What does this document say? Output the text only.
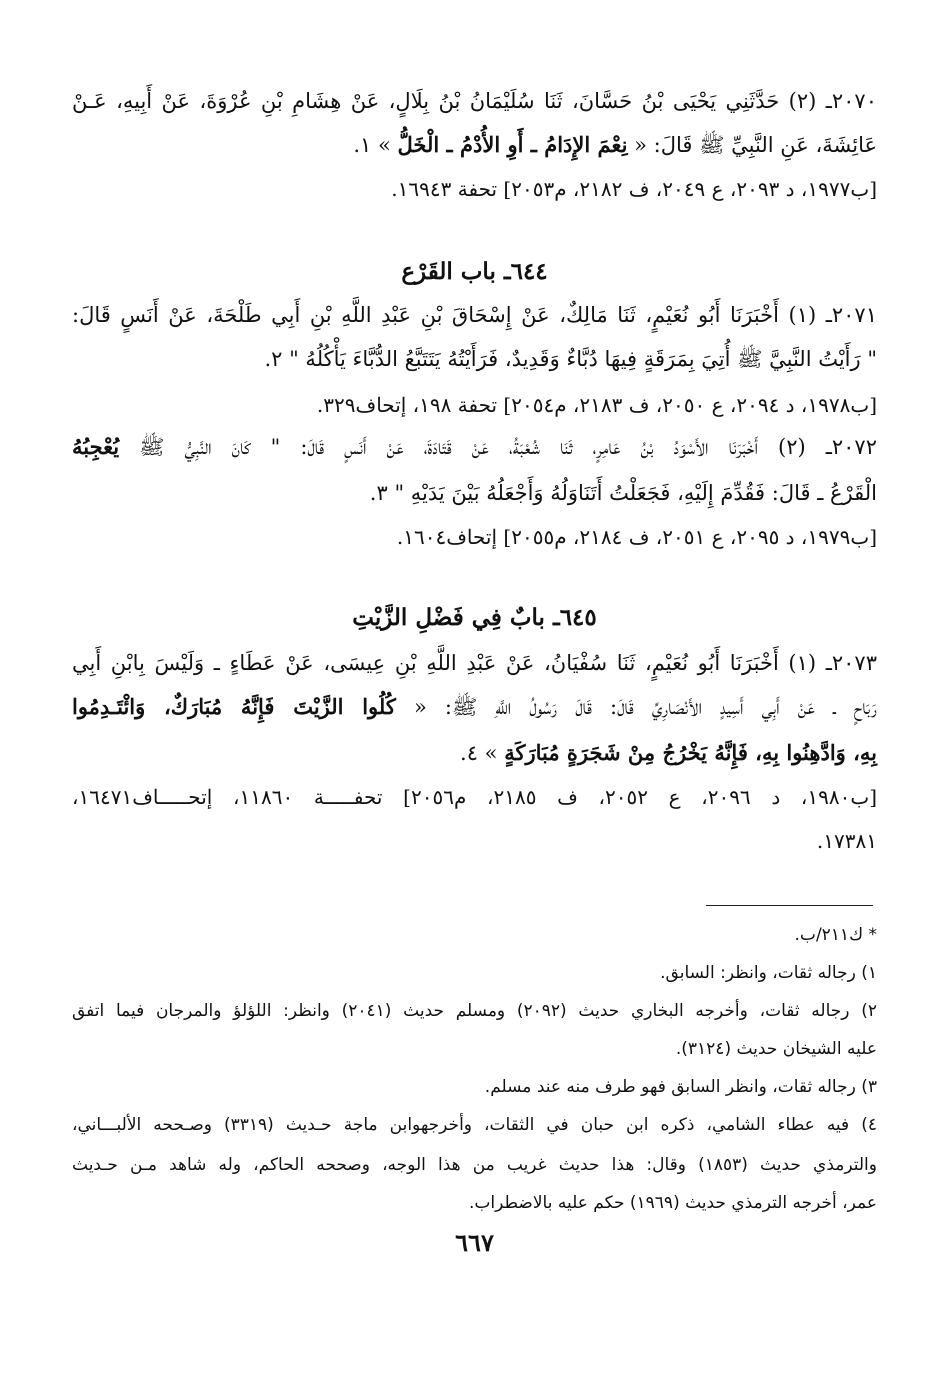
٢٠٧٠ـ (٢) حَدَّثَنِي يَحْيَى بْنُ حَسَّانَ، ثَنَا سُلَيْمَانُ بْنُ بِلَالٍ، عَنْ هِشَامِ بْنِ عُرْوَةَ، عَنْ أَبِيهِ، عَـنْ
عَائِشَةَ، عَنِ النَّبِيِّ ﷺ قَالَ: « نِعْمَ الإِدَامُ ـ أَوِ الأُدْمُ ـ الْخَلُّ » ١.
[ب١٩٧٧، د ٢٠٩٣، ع ٢٠٤٩، ف ٢١٨٢، م٢٠٥٣] تحفة ١٦٩٤٣.
٦٤٤ـ باب القَرْع
٢٠٧١ـ (١) أَخْبَرَنَا أَبُو نُعَيْمٍ، ثَنَا مَالِكٌ، عَنْ إِسْحَاقَ بْنِ عَبْدِ اللَّهِ بْنِ أَبِي طَلْحَةَ، عَنْ أَنَسٍ قَالَ:
" رَأَيْتُ النَّبِيَّ ﷺ أُتِيَ بِمَرَقَةٍ فِيهَا دُبَّاءٌ وَقَدِيدٌ، فَرَأَيْتُهُ يَتَتَبَّعُ الدُّبَّاءَ يَأْكُلُهُ " ٢.
[ب١٩٧٨، د ٢٠٩٤، ع ٢٠٥٠، ف ٢١٨٣، م٢٠٥٤] تحفة ١٩٨، إتحاف٣٢٩.
٢٠٧٢ـ (٢) أَخْبَرَنَا الأَسْوَدُ بْنُ عَامِرٍ، ثَنَا شُعْبَةُ، عَنْ قَتَادَةَ، عَنْ أَنَسٍ قَالَ: " كَانَ النَّبِيُّ ﷺ يُعْجِبُهُ
الْقَرْعُ ـ قَالَ: فَقُدِّمَ إِلَيْهِ، فَجَعَلْتُ أَتَنَاوَلُهُ وَأَجْعَلُهُ بَيْنَ يَدَيْهِ " ٣.
[ب١٩٧٩، د ٢٠٩٥، ع ٢٠٥١، ف ٢١٨٤، م٢٠٥٥] إتحاف١٦٠٤.
٦٤٥ـ بابٌ فِي فَضْلِ الزَّيْتِ
٢٠٧٣ـ (١) أَخْبَرَنَا أَبُو نُعَيْمٍ، ثَنَا سُفْيَانُ، عَنْ عَبْدِ اللَّهِ بْنِ عِيسَى، عَنْ عَطَاءٍ ـ وَلَيْسَ بِابْنِ أَبِي
رَبَاحٍ ـ عَنْ أَبِي أَسِيدٍ الأَنْصَارِيِّ قَالَ: قَالَ رَسُولُ اللَّهِ ﷺ: « كُلُوا الزَّيْتَ فَإِنَّهُ مُبَارَكٌ، وَائْتَـدِمُوا
بِهِ، وَادَّهِنُوا بِهِ، فَإِنَّهُ يَخْرُجُ مِنْ شَجَرَةٍ مُبَارَكَةٍ » ٤.
[ب١٩٨٠، د ٢٠٩٦، ع ٢٠٥٢، ف ٢١٨٥، م٢٠٥٦] تحفـــــة ١١٨٦٠، إتحـــــاف١٦٤٧١،
١٧٣٨١.
* ك٢١١/ب.
١) رجاله ثقات، وانظر: السابق.
٢) رجاله ثقات، وأخرجه البخاري حديث (٢٠٩٢) ومسلم حديث (٢٠٤١) وانظر: اللؤلؤ والمرجان فيما اتفق
عليه الشيخان حديث (٣١٢٤).
٣) رجاله ثقات، وانظر السابق فهو طرف منه عند مسلم.
٤) فيه عطاء الشامي، ذكره ابن حبان في الثقات، وأخرجهوابن ماجة حـديث (٣٣١٩) وصـححه الألبـــاني،
والترمذي حديث (١٨٥٣) وقال: هذا حديث غريب من هذا الوجه، وصححه الحاكم، وله شاهد مـن حـديث
عمر، أخرجه الترمذي حديث (١٩٦٩) حكم عليه بالاضطراب.
٦٦٧
